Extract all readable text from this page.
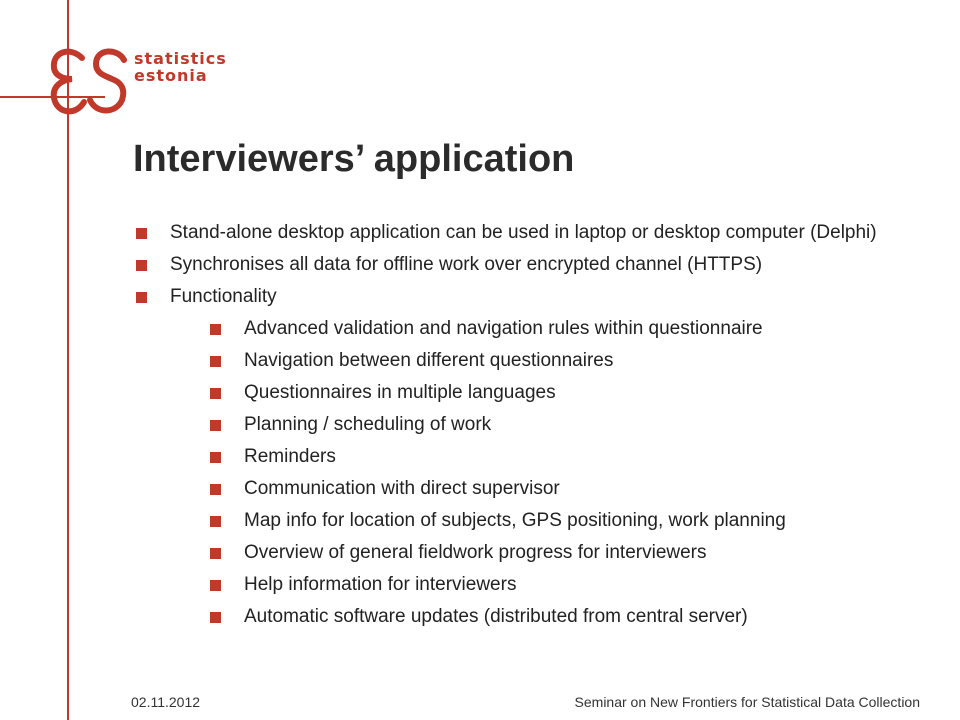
statistics
estonia
Interviewers’ application
Stand-alone desktop application can be used in laptop or desktop computer (Delphi)
Synchronises all data for offline work over encrypted channel (HTTPS)
Functionality
Advanced validation and navigation rules within questionnaire
Navigation between different questionnaires
Questionnaires in multiple languages
Planning / scheduling of work
Reminders
Communication with direct supervisor
Map info for location of subjects, GPS positioning, work planning
Overview of general fieldwork progress for interviewers
Help information for interviewers
Automatic software updates (distributed from central server)
02.11.2012	Seminar on New Frontiers for Statistical Data Collection
